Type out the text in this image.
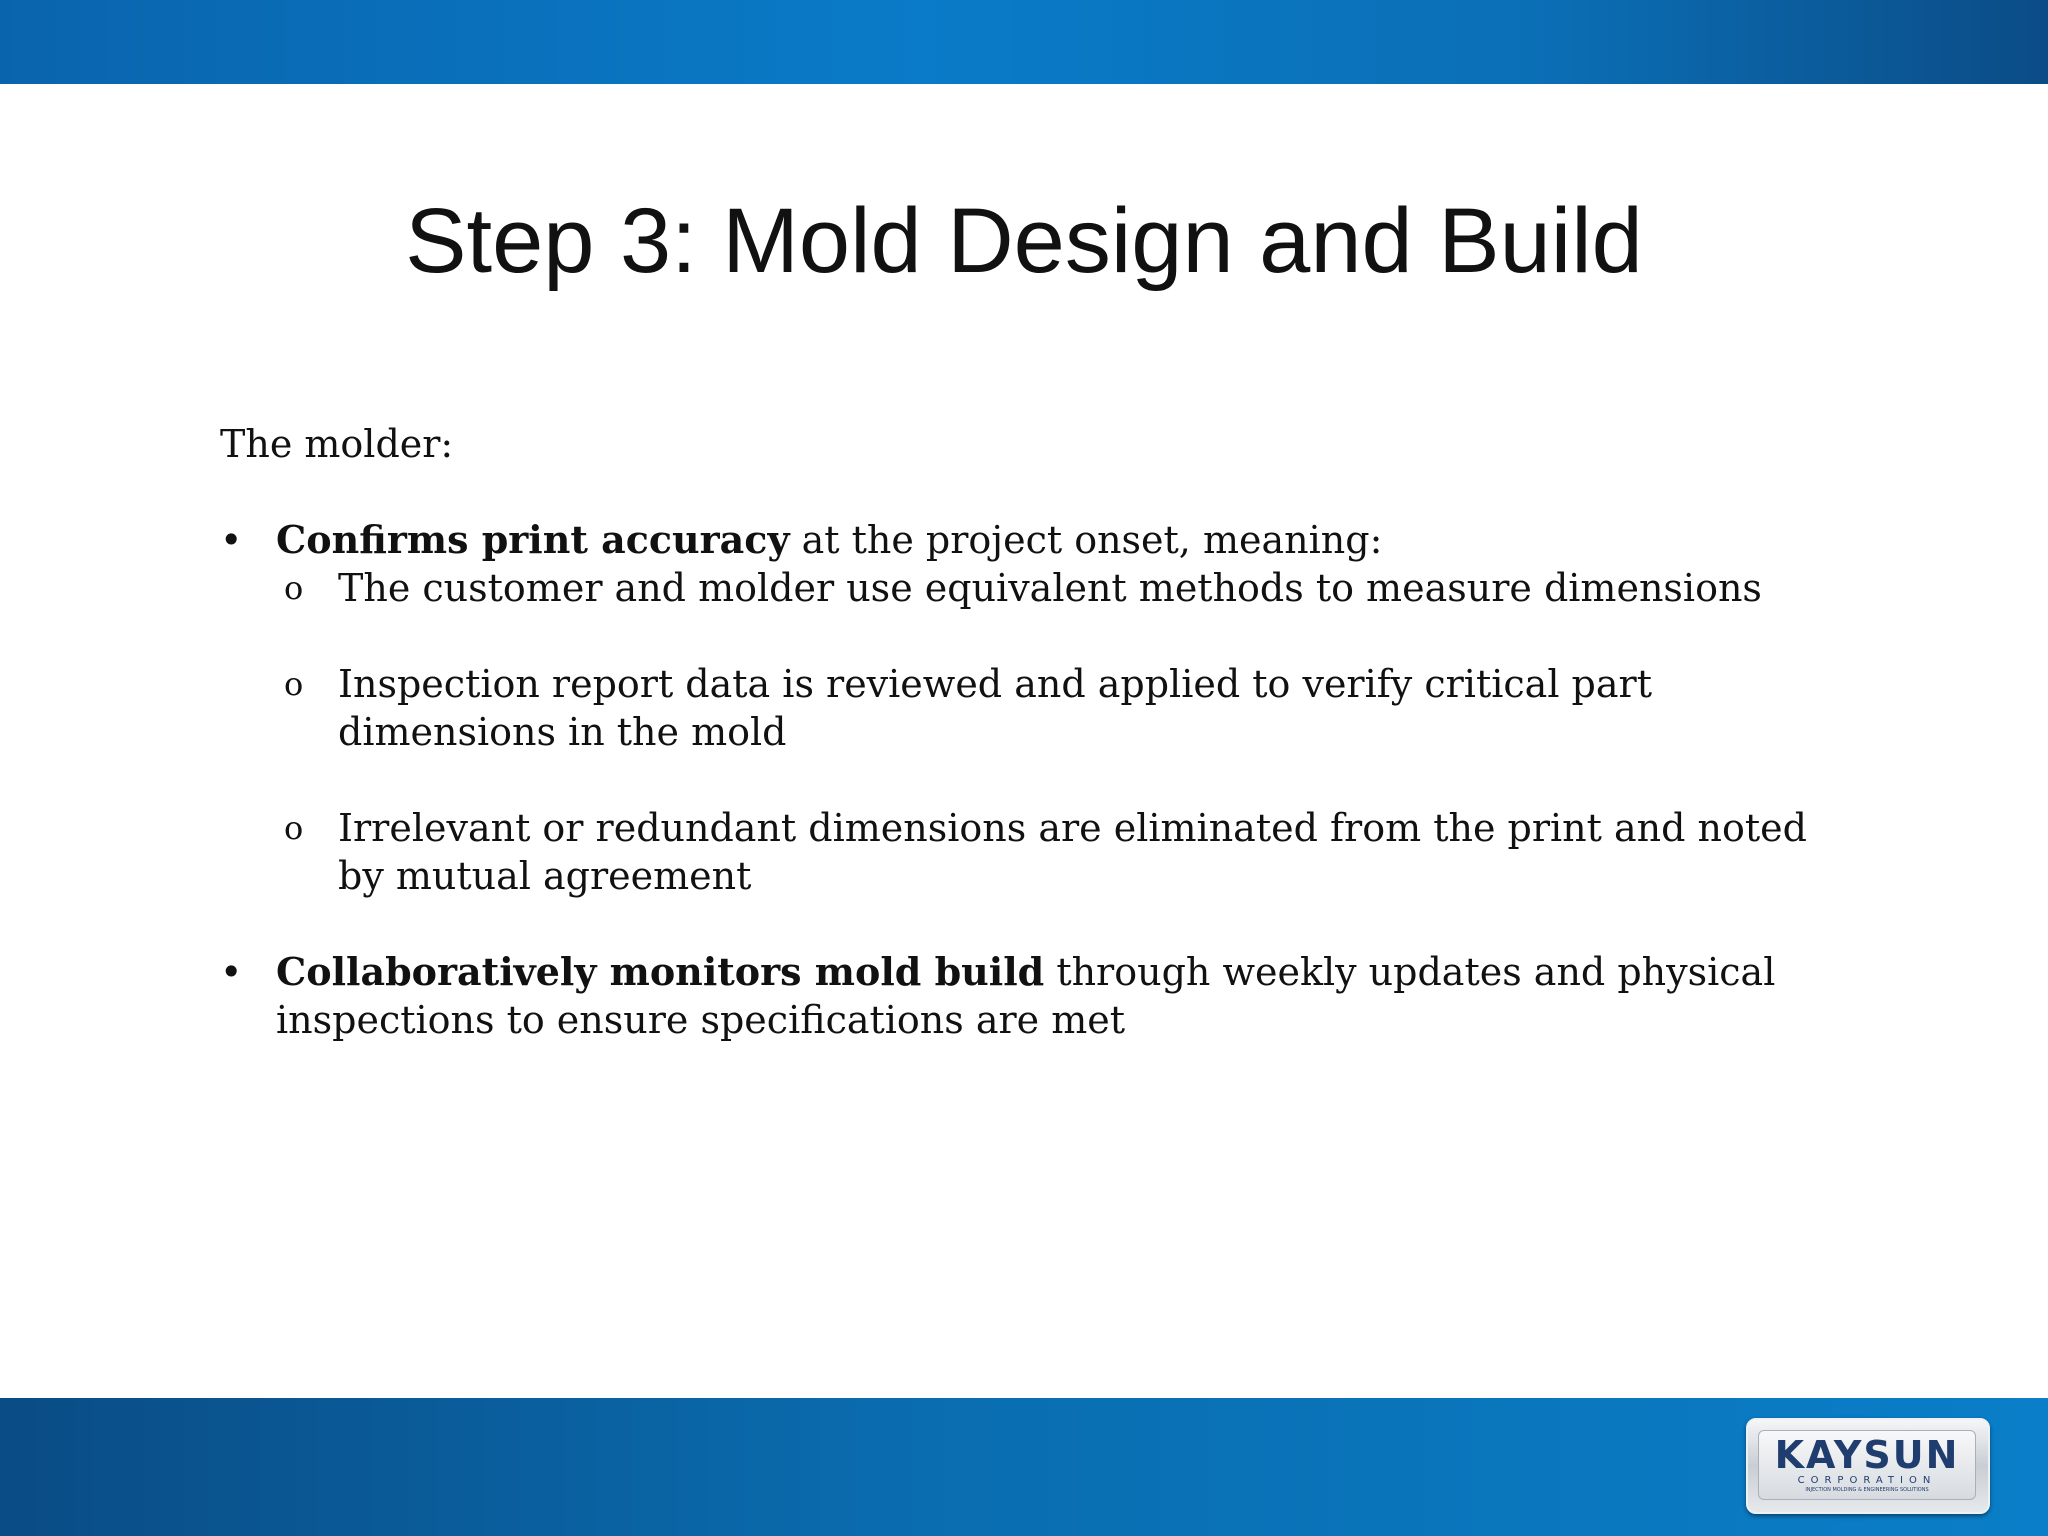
Step 3: Mold Design and Build

The molder:

• Confirms print accuracy at the project onset, meaning:

o The customer and molder use equivalent methods to measure dimensions

o Inspection report data is reviewed and applied to verify critical part dimensions in the mold

o Irrelevant or redundant dimensions are eliminated from the print and noted by mutual agreement

• Collaboratively monitors mold build through weekly updates and physical inspections to ensure specifications are met

KAYSUN
CORPORATION
INJECTION MOLDING & ENGINEERING SOLUTIONS
